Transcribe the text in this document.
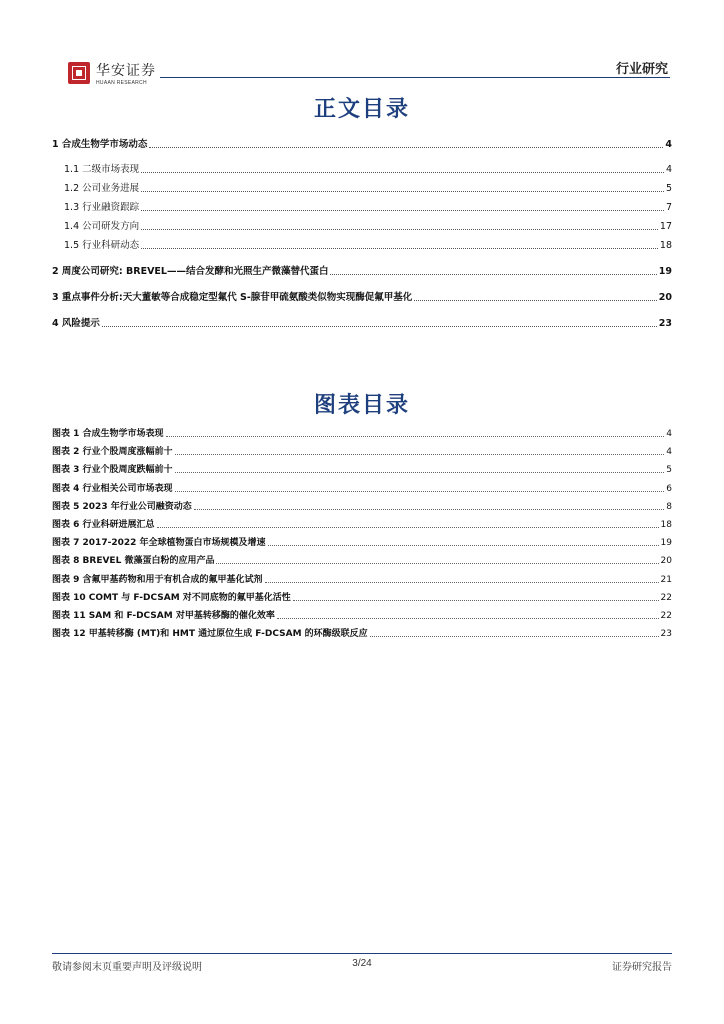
华安证券
HUAAN RESEARCH
行业研究
正文目录
1 合成生物学市场动态	4
1.1 二级市场表现	4
1.2 公司业务进展	5
1.3 行业融资跟踪	7
1.4 公司研发方向	17
1.5 行业科研动态	18
2 周度公司研究: BREVEL——结合发酵和光照生产微藻替代蛋白	19
3 重点事件分析:天大董敏等合成稳定型氟代 S-腺苷甲硫氨酸类似物实现酶促氟甲基化	20
4 风险提示	23
图表目录
图表 1 合成生物学市场表现	4
图表 2 行业个股周度涨幅前十	4
图表 3 行业个股周度跌幅前十	5
图表 4 行业相关公司市场表现	6
图表 5 2023 年行业公司融资动态	8
图表 6 行业科研进展汇总	18
图表 7 2017-2022 年全球植物蛋白市场规模及增速	19
图表 8 BREVEL 微藻蛋白粉的应用产品	20
图表 9 含氟甲基药物和用于有机合成的氟甲基化试剂	21
图表 10 COMT 与 F-DCSAM 对不同底物的氟甲基化活性	22
图表 11 SAM 和 F-DCSAM 对甲基转移酶的催化效率	22
图表 12 甲基转移酶 (MT)和 HMT 通过原位生成 F-DCSAM 的环酶级联反应	23
敬请参阅末页重要声明及评级说明	3/24	证券研究报告
